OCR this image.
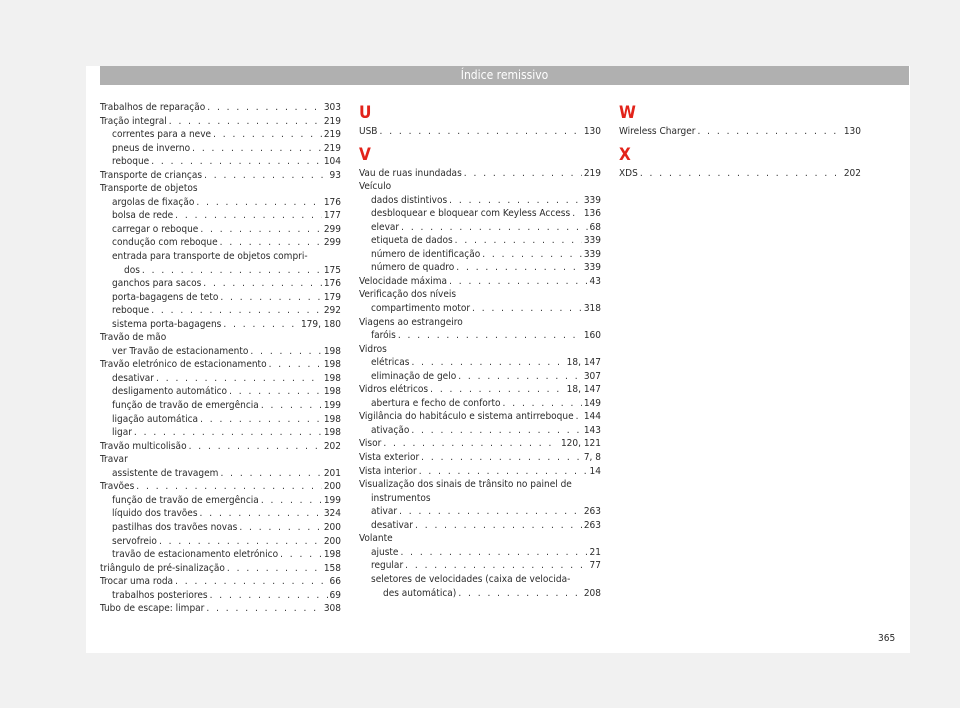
Índice remissivo
Trabalhos de reparação . . .	303
Tração integral . . .	219
correntes para a neve . . .	219
pneus de inverno . . .	219
reboque . . .	104
Transporte de crianças . . .	93
Transporte de objetos
argolas de fixação . . .	176
bolsa de rede . . .	177
carregar o reboque . . .	299
condução com reboque . . .	299
entrada para transporte de objetos compri-
dos . . .	175
ganchos para sacos . . .	176
porta-bagagens de teto . . .	179
reboque . . .	292
sistema porta-bagagens . . .	179, 180
Travão de mão
ver Travão de estacionamento . . .	198
Travão eletrónico de estacionamento . . .	198
desativar . . .	198
desligamento automático . . .	198
função de travão de emergência . . .	199
ligação automática . . .	198
ligar . . .	198
Travão multicolisão . . .	202
Travar
assistente de travagem . . .	201
Travões . . .	200
função de travão de emergência . . .	199
líquido dos travões . . .	324
pastilhas dos travões novas . . .	200
servofreio . . .	200
travão de estacionamento eletrónico . . .	198
triângulo de pré-sinalização . . .	158
Trocar uma roda . . .	66
trabalhos posteriores . . .	69
Tubo de escape: limpar . . .	308
U
USB . . .	130
V
Vau de ruas inundadas . . .	219
Veículo
dados distintivos . . .	339
desbloquear e bloquear com Keyless Access . . . 136
elevar . . .	68
etiqueta de dados . . .	339
número de identificação . . .	339
número de quadro . . .	339
Velocidade máxima . . .	43
Verificação dos níveis
compartimento motor . . .	318
Viagens ao estrangeiro
faróis . . .	160
Vidros
elétricas . . .	18, 147
eliminação de gelo . . .	307
Vidros elétricos . . .	18, 147
abertura e fecho de conforto . . .	149
Vigilância do habitáculo e sistema antirreboque . . . 144
ativação . . .	143
Visor . . .	120, 121
Vista exterior . . .	7, 8
Vista interior . . .	14
Visualização dos sinais de trânsito no painel de
instrumentos
ativar . . .	263
desativar . . .	263
Volante
ajuste . . .	21
regular . . .	77
seletores de velocidades (caixa de velocida-
des automática) . . .	208
W
Wireless Charger . . .	130
X
XDS . . .	202
365
